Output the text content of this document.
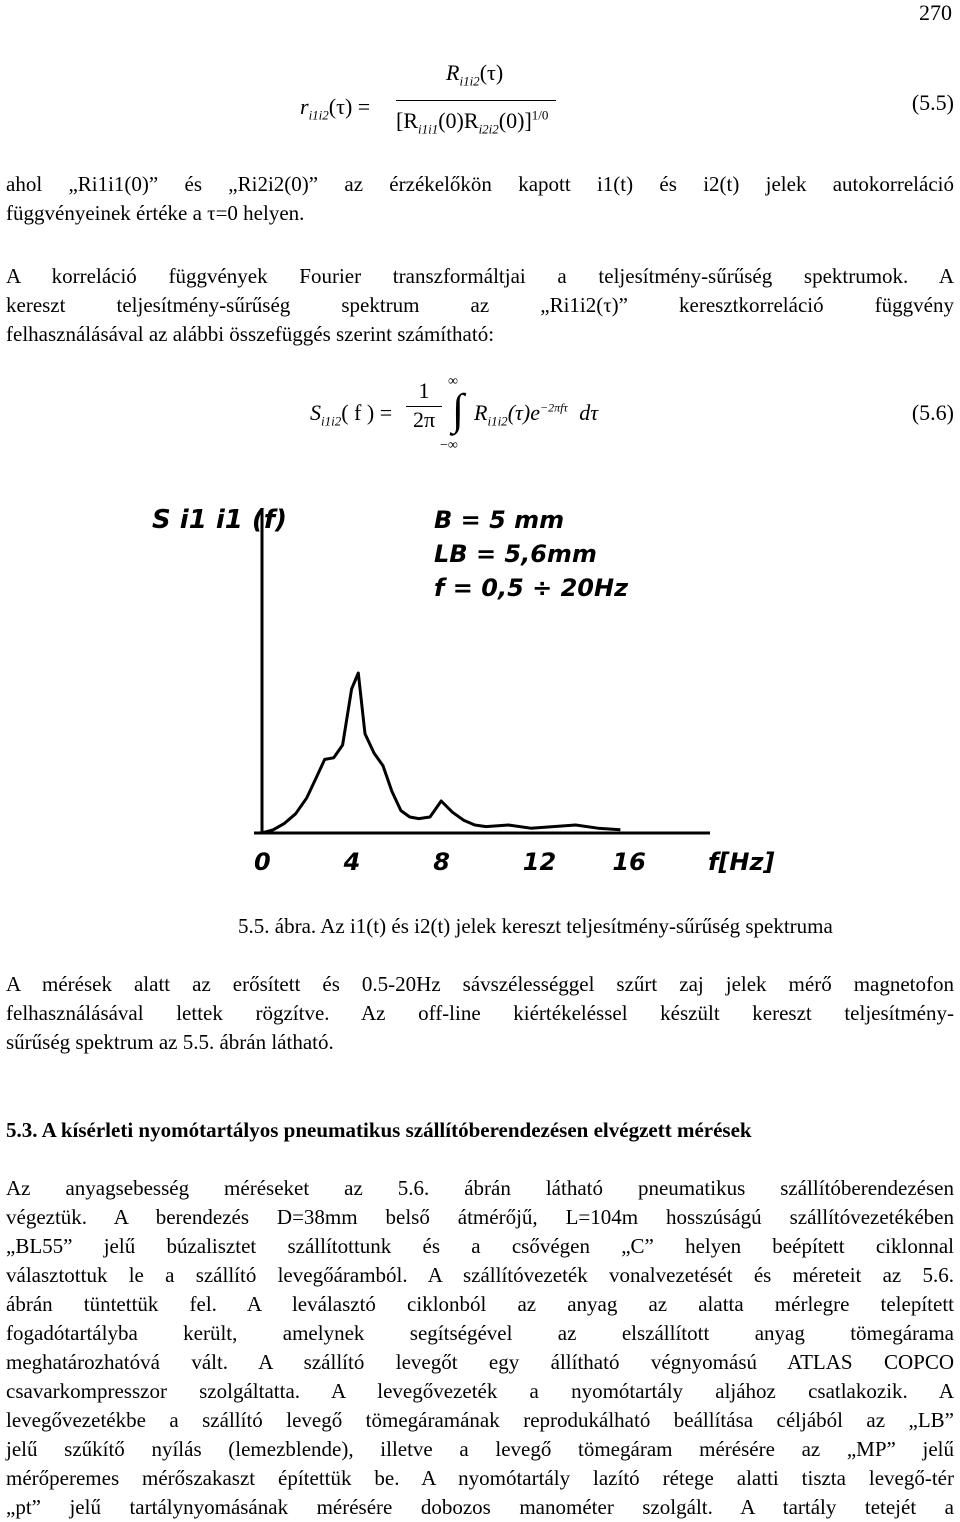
270
$r_{i1i2}(\tau)$ =
$R_{i1i2}(\tau)$
$[R_{i1i1}(0)R_{i2i2}(0)]^{1/0}$
(5.5)
ahol „Ri1i1(0)” és „Ri2i2(0)” az érzékelőkön kapott i1(t) és i2(t) jelek autokorreláció
függvényeinek értéke a τ=0 helyen.
A korreláció függvények Fourier transzformáltjai a teljesítmény-sűrűség spektrumok. A
kereszt teljesítmény-sűrűség spektrum az „Ri1i2(τ)” keresztkorreláció függvény
felhasználásával az alábbi összefüggés szerint számítható:
$S_{i1i2}$( f ) =
1
2π
∞
∫
−∞
$R_{i1i2}(\tau)e^{-2\pi f\tau}$ dτ	(5.6)
S i1 i1 (f)	B = 5 mm
LB = 5,6mm
f = 0,5 ÷ 20Hz
0	4	8	12 16	f[Hz]
5.5. ábra. Az i1(t) és i2(t) jelek kereszt teljesítmény-sűrűség spektruma
A mérések alatt az erősített és 0.5-20Hz sávszélességgel szűrt zaj jelek mérő magnetofon
felhasználásával lettek rögzítve. Az off-line kiértékeléssel készült kereszt teljesítmény-
sűrűség spektrum az 5.5. ábrán látható.
5.3. A kísérleti nyomótartályos pneumatikus szállítóberendezésen elvégzett mérések
Az anyagsebesség méréseket az 5.6. ábrán látható pneumatikus szállítóberendezésen
végeztük. A berendezés D=38mm belső átmérőjű, L=104m hosszúságú szállítóvezetékében
„BL55” jelű búzalisztet szállítottunk és a csővégen „C” helyen beépített ciklonnal
választottuk le a szállító levegőáramból. A szállítóvezeték vonalvezetését és méreteit az 5.6.
ábrán tüntettük fel. A leválasztó ciklonból az anyag az alatta mérlegre telepített
fogadótartályba került, amelynek segítségével az elszállított anyag tömegárama
meghatározhatóvá vált. A szállító levegőt egy állítható végnyomású ATLAS COPCO
csavarkompresszor szolgáltatta. A levegővezeték a nyomótartály aljához csatlakozik. A
levegővezetékbe a szállító levegő tömegáramának reprodukálható beállítása céljából az „LB”
jelű szűkítő nyílás (lemezblende), illetve a levegő tömegáram mérésére az „MP” jelű
mérőperemes mérőszakaszt építettük be. A nyomótartály lazító rétege alatti tiszta levegő-tér
„pt” jelű tartálynyomásának mérésére dobozos manométer szolgált. A tartály tetejét a
